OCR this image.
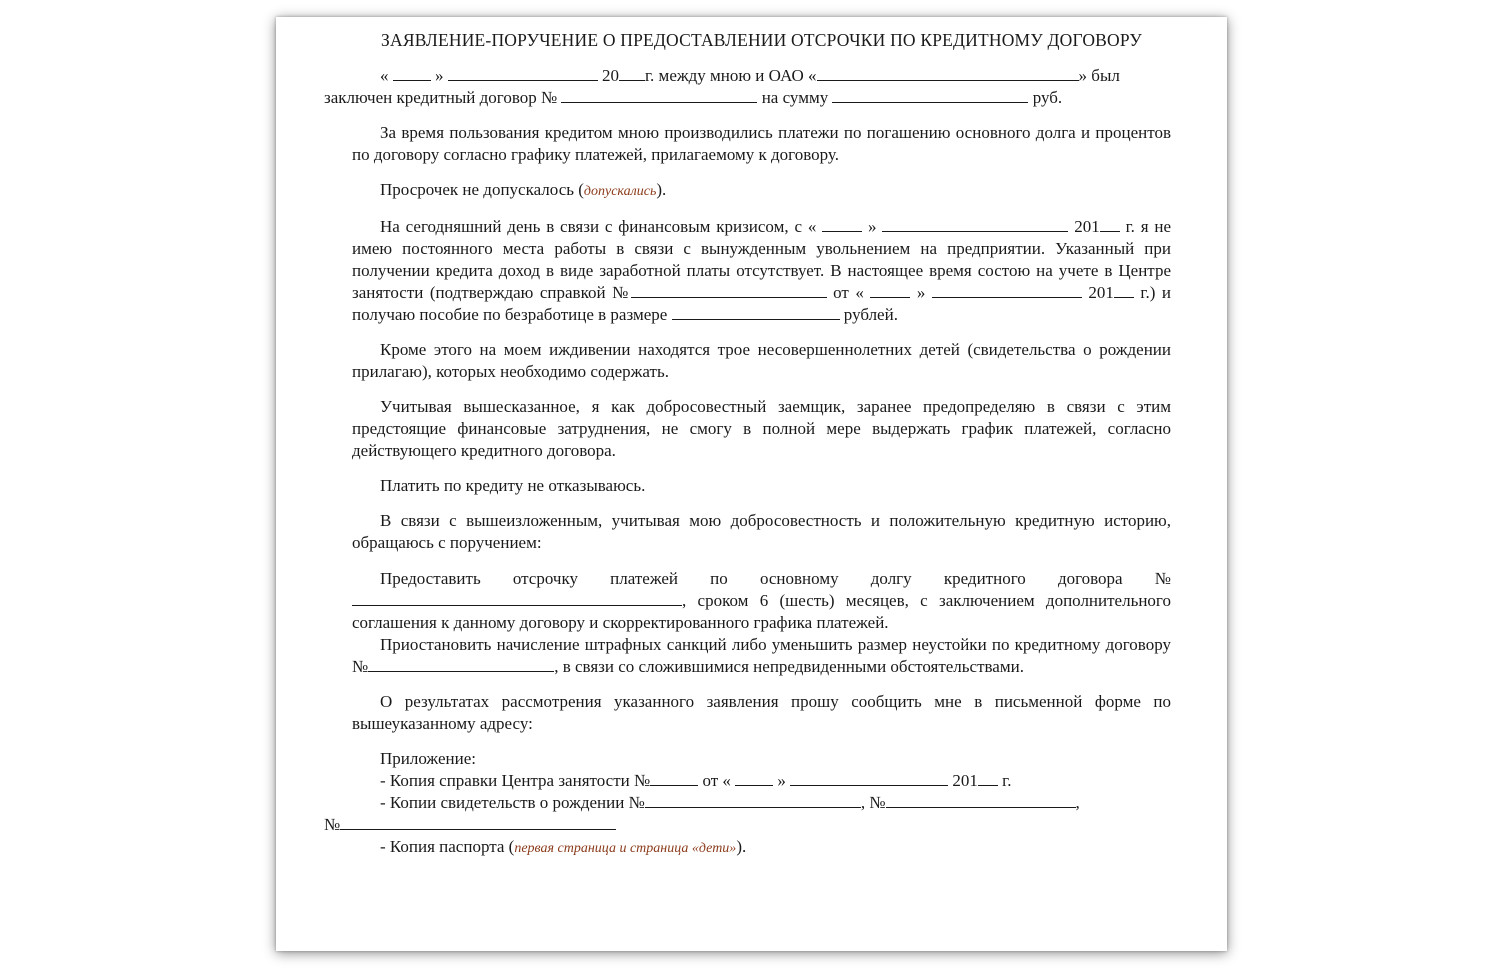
ЗАЯВЛЕНИЕ-ПОРУЧЕНИЕ О ПРЕДОСТАВЛЕНИИ ОТСРОЧКИ ПО КРЕДИТНОМУ ДОГОВОРУ

«	»	20 г. между мною и ОАО «	» был
заключен кредитный договор №	на сумму	руб.

За время пользования кредитом мною производились платежи по погашению основного долга и процентов по договору согласно графику платежей, прилагаемому к договору.

Просрочек не допускалось (допускались).

На сегодняшний день в связи с финансовым кризисом, с «	»	201 г. я не имею постоянного места работы в связи с вынужденным увольнением на предприятии. Указанный при получении кредита доход в виде заработной платы отсутствует. В настоящее время состою на учете в Центре занятости (подтверждаю справкой №	от «	»	201 г.) и получаю пособие по безработице в размере	рублей.

Кроме этого на моем иждивении находятся трое несовершеннолетних детей (свидетельства о рождении прилагаю), которых необходимо содержать.

Учитывая вышесказанное, я как добросовестный заемщик, заранее предопределяю в связи с этим предстоящие финансовые затруднения, не смогу в полной мере выдержать график платежей, согласно действующего кредитного договора.

Платить по кредиту не отказываюсь.

В связи с вышеизложенным, учитывая мою добросовестность и положительную кредитную историю, обращаюсь с поручением:

Предоставить отсрочку платежей по основному долгу кредитного договора №, сроком 6 (шесть) месяцев, с заключением дополнительного соглашения к данному договору и скорректированного графика платежей.

Приостановить начисление штрафных санкций либо уменьшить размер неустойки по кредитному договору №	, в связи со сложившимися непредвиденными обстоятельствами.

О результатах рассмотрения указанного заявления прошу сообщить мне в письменной форме по вышеуказанному адресу:

Приложение:

- Копия справки Центра занятости №	от «	»	201 г.

- Копии свидетельств о рождении №	, №	,
№

- Копия паспорта (первая страница и страница «дети»).
